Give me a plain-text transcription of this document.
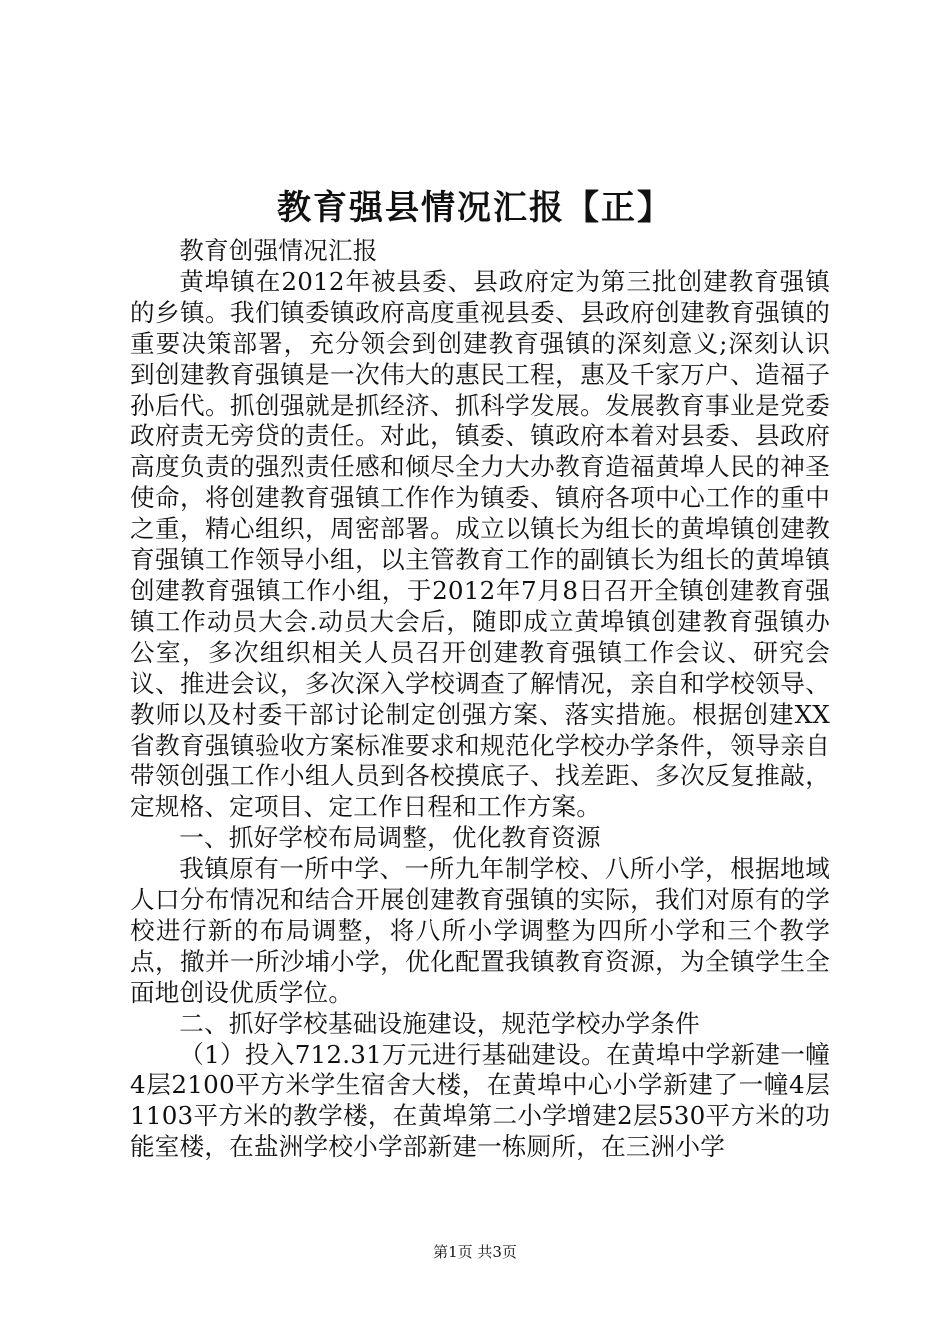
教育强县情况汇报【正】

教育创强情况汇报

黄埠镇在2012年被县委、县政府定为第三批创建教育强镇的乡镇。我们镇委镇政府高度重视县委、县政府创建教育强镇的重要决策部署，充分领会到创建教育强镇的深刻意义;深刻认识到创建教育强镇是一次伟大的惠民工程，惠及千家万户、造福子孙后代。抓创强就是抓经济、抓科学发展。发展教育事业是党委政府责无旁贷的责任。对此，镇委、镇政府本着对县委、县政府高度负责的强烈责任感和倾尽全力大办教育造福黄埠人民的神圣使命，将创建教育强镇工作作为镇委、镇府各项中心工作的重中之重，精心组织，周密部署。成立以镇长为组长的黄埠镇创建教育强镇工作领导小组，以主管教育工作的副镇长为组长的黄埠镇创建教育强镇工作小组，于2012年7月8日召开全镇创建教育强镇工作动员大会.动员大会后，随即成立黄埠镇创建教育强镇办公室，多次组织相关人员召开创建教育强镇工作会议、研究会议、推进会议，多次深入学校调查了解情况，亲自和学校领导、教师以及村委干部讨论制定创强方案、落实措施。根据创建XX省教育强镇验收方案标准要求和规范化学校办学条件，领导亲自带领创强工作小组人员到各校摸底子、找差距、多次反复推敲，定规格、定项目、定工作日程和工作方案。

一、抓好学校布局调整，优化教育资源

我镇原有一所中学、一所九年制学校、八所小学，根据地域人口分布情况和结合开展创建教育强镇的实际，我们对原有的学校进行新的布局调整，将八所小学调整为四所小学和三个教学点，撤并一所沙埔小学，优化配置我镇教育资源，为全镇学生全面地创设优质学位。

二、抓好学校基础设施建设，规范学校办学条件

（1）投入712.31万元进行基础建设。在黄埠中学新建一幢4层2100平方米学生宿舍大楼，在黄埠中心小学新建了一幢4层1103平方米的教学楼，在黄埠第二小学增建2层530平方米的功能室楼，在盐洲学校小学部新建一栋厕所，在三洲小学

第1页 共3页
